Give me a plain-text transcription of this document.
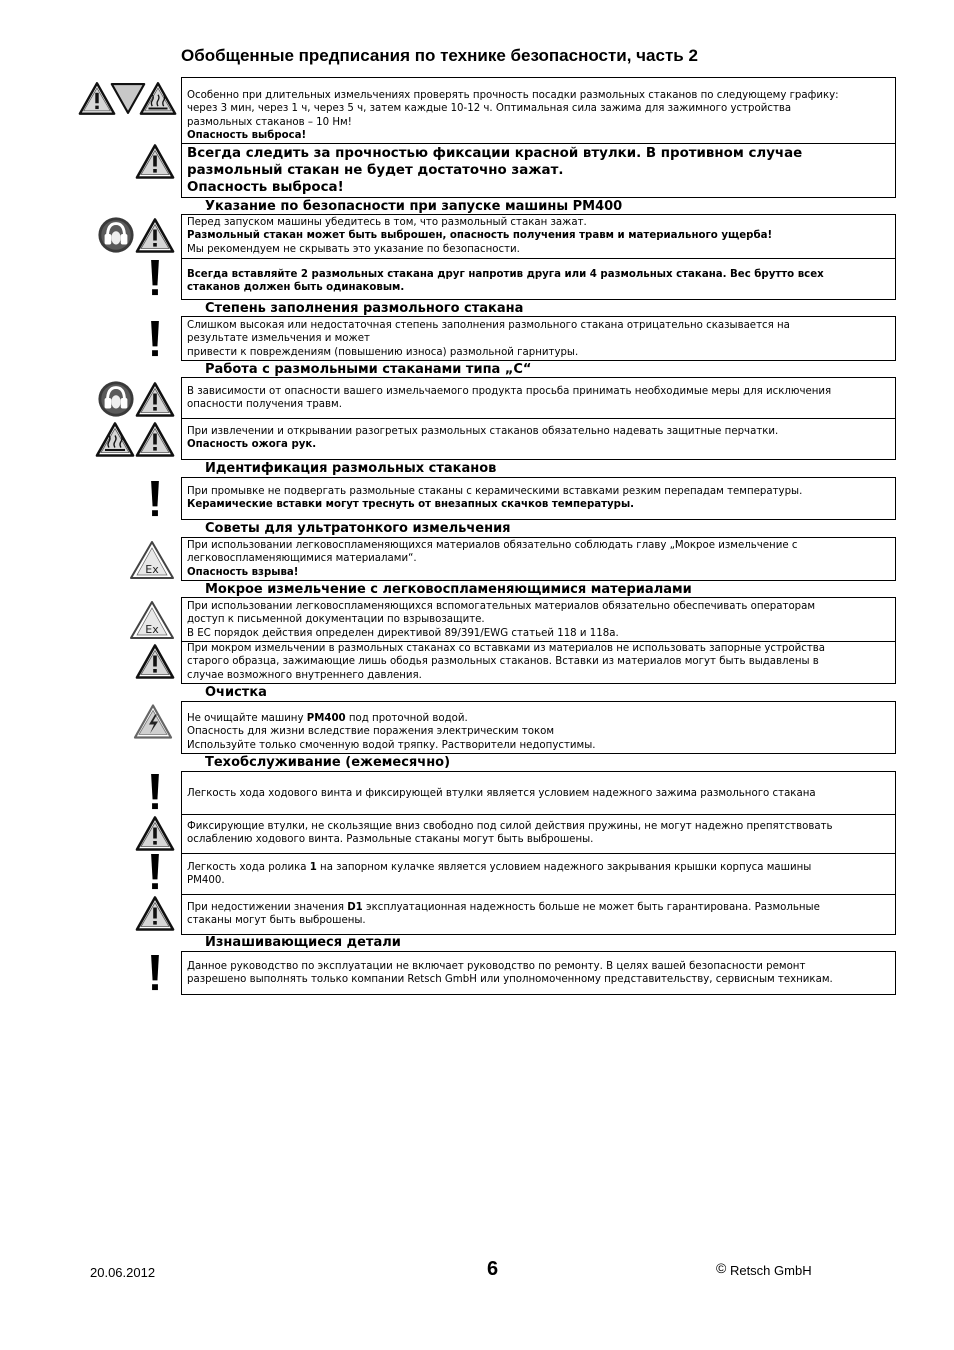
Обобщенные предписания по технике безопасности, часть 2
Особенно при длительных измельчениях проверять прочность посадки размольных стаканов по следующему графику:
через 3 мин, через 1 ч, через 5 ч, затем каждые 10-12 ч. Оптимальная сила зажима для зажимного устройства
размольных стаканов – 10 Нм!
Опасность выброса!
Всегда следить за прочностью фиксации красной втулки. В противном случае
размольный стакан не будет достаточно зажат.
Опасность выброса!
Указание по безопасности при запуске машины PM400
Перед запуском машины убедитесь в том, что размольный стакан зажат.
Размольный стакан может быть выброшен, опасность получения травм и материального ущерба!
Мы рекомендуем не скрывать это указание по безопасности.
Всегда вставляйте 2 размольных стакана друг напротив друга или 4 размольных стакана. Вес брутто всех
стаканов должен быть одинаковым.
Степень заполнения размольного стакана
Слишком высокая или недостаточная степень заполнения размольного стакана отрицательно сказывается на
результате измельчения и может
привести к повреждениям (повышению износа) размольной гарнитуры.
Работа с размольными стаканами типа „C“
В зависимости от опасности вашего измельчаемого продукта просьба принимать необходимые меры для исключения
опасности получения травм.
При извлечении и открывании разогретых размольных стаканов обязательно надевать защитные перчатки.
Опасность ожога рук.
Идентификация размольных стаканов
При промывке не подвергать размольные стаканы с керамическими вставками резким перепадам температуры.
Керамические вставки могут треснуть от внезапных скачков температуры.
Советы для ультратонкого измельчения
При использовании легковоспламеняющихся материалов обязательно соблюдать главу „Мокрое измельчение с
легковоспламеняющимися материалами“.
Опасность взрыва!
Мокрое измельчение с легковоспламеняющимися материалами
При использовании легковоспламеняющихся вспомогательных материалов обязательно обеспечивать операторам
доступ к письменной документации по взрывозащите.
В ЕС порядок действия определен директивой 89/391/EWG статьей 118 и 118a.
При мокром измельчении в размольных стаканах со вставками из материалов не использовать запорные устройства
старого образца, зажимающие лишь ободья размольных стаканов. Вставки из материалов могут быть выдавлены в
случае возможного внутреннего давления.
Очистка
Не очищайте машину PM400 под проточной водой.
Опасность для жизни вследствие поражения электрическим током
Используйте только смоченную водой тряпку. Растворители недопустимы.
Техобслуживание (ежемесячно)
Легкость хода ходового винта и фиксирующей втулки является условием надежного зажима размольного стакана
Фиксирующие втулки, не скользящие вниз свободно под силой действия пружины, не могут надежно препятствовать
ослаблению ходового винта. Размольные стаканы могут быть выброшены.
Легкость хода ролика 1 на запорном кулачке является условием надежного закрывания крышки корпуса машины
PM400.
При недостижении значения D1 эксплуатационная надежность больше не может быть гарантирована. Размольные
стаканы могут быть выброшены.
Изнашивающиеся детали
Данное руководство по эксплуатации не включает руководство по ремонту. В целях вашей безопасности ремонт
разрешено выполнять только компании Retsch GmbH или уполномоченному представительству, сервисным техникам.
20.06.2012	6	© Retsch GmbH
